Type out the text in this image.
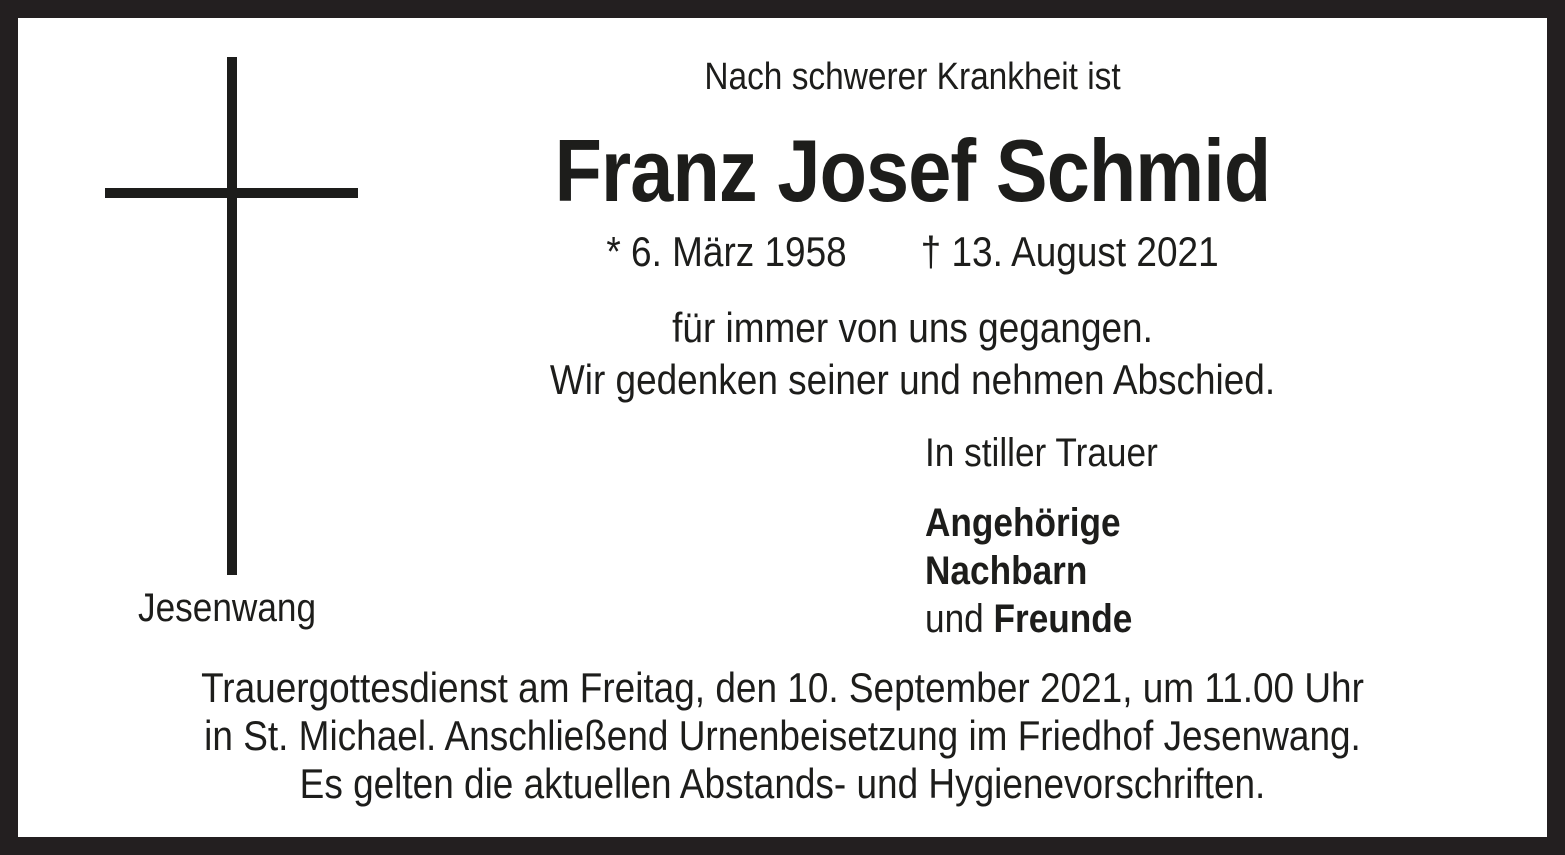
Nach schwerer Krankheit ist
Franz Josef Schmid
* 6. März 1958 † 13. August 2021
für immer von uns gegangen.
Wir gedenken seiner und nehmen Abschied.
In stiller Trauer
Angehörige
Nachbarn
und Freunde
Jesenwang
Trauergottesdienst am Freitag, den 10. September 2021, um 11.00 Uhr
in St. Michael. Anschließend Urnenbeisetzung im Friedhof Jesenwang.
Es gelten die aktuellen Abstands- und Hygienevorschriften.
